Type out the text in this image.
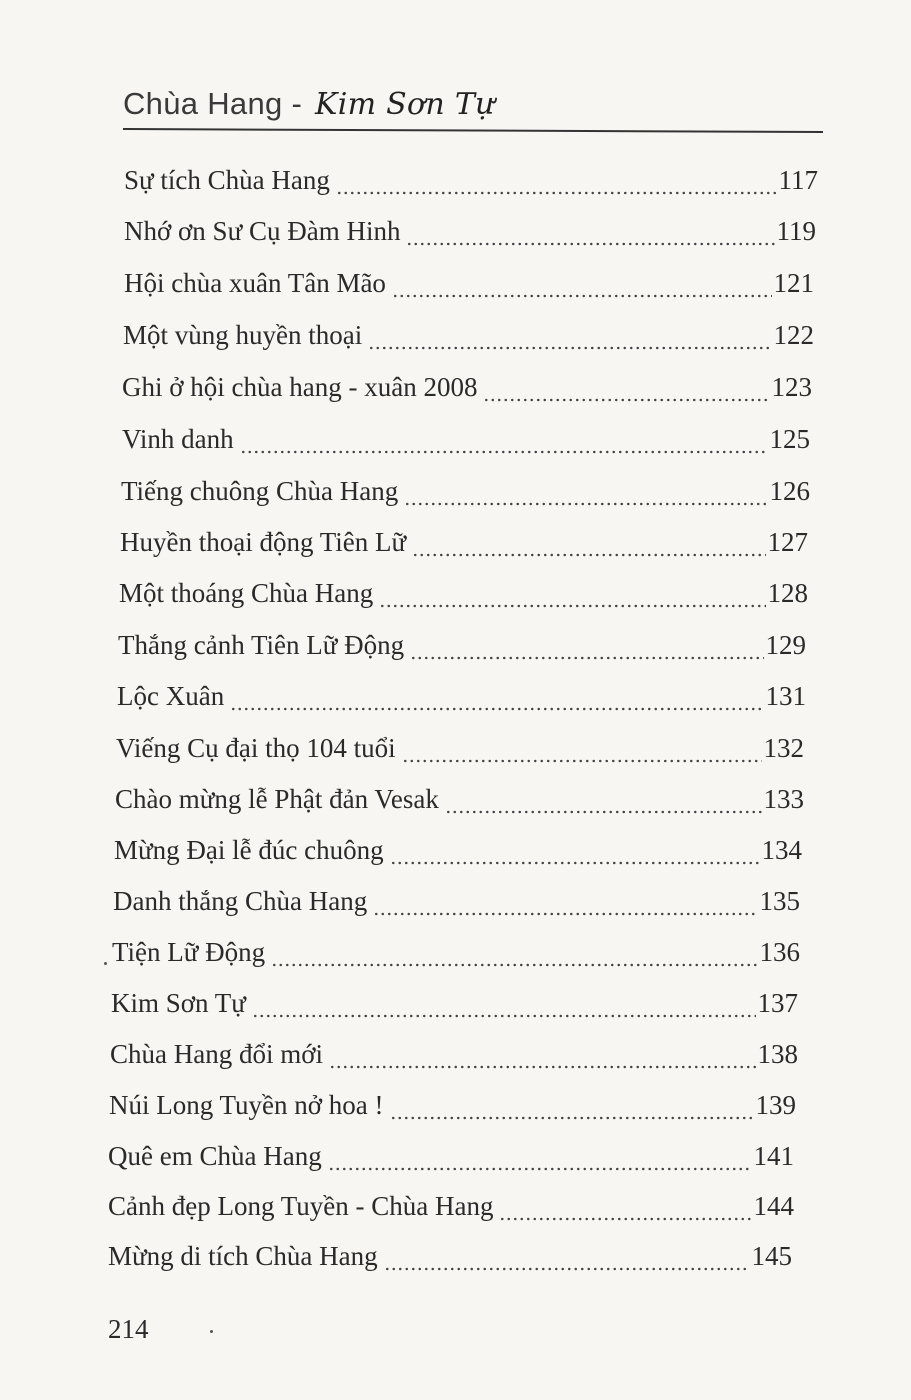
Chùa Hang - Kim Sơn Tự
Sự tích Chùa Hang	117
Nhớ ơn Sư Cụ Đàm Hinh	119
Hội chùa xuân Tân Mão	121
Một vùng huyền thoại	122
Ghi ở hội chùa hang - xuân 2008	123
Vinh danh	125
Tiếng chuông Chùa Hang	126
Huyền thoại động Tiên Lữ	127
Một thoáng Chùa Hang	128
Thắng cảnh Tiên Lữ Động	129
Lộc Xuân	131
Viếng Cụ đại thọ 104 tuổi	132
Chào mừng lễ Phật đản Vesak	133
Mừng Đại lễ đúc chuông	134
Danh thắng Chùa Hang	135
Tiện Lữ Động	136
Kim Sơn Tự	137
Chùa Hang đổi mới	138
Núi Long Tuyền nở hoa !	139
Quê em Chùa Hang	141
Cảnh đẹp Long Tuyền - Chùa Hang	144
Mừng di tích Chùa Hang	145
214
